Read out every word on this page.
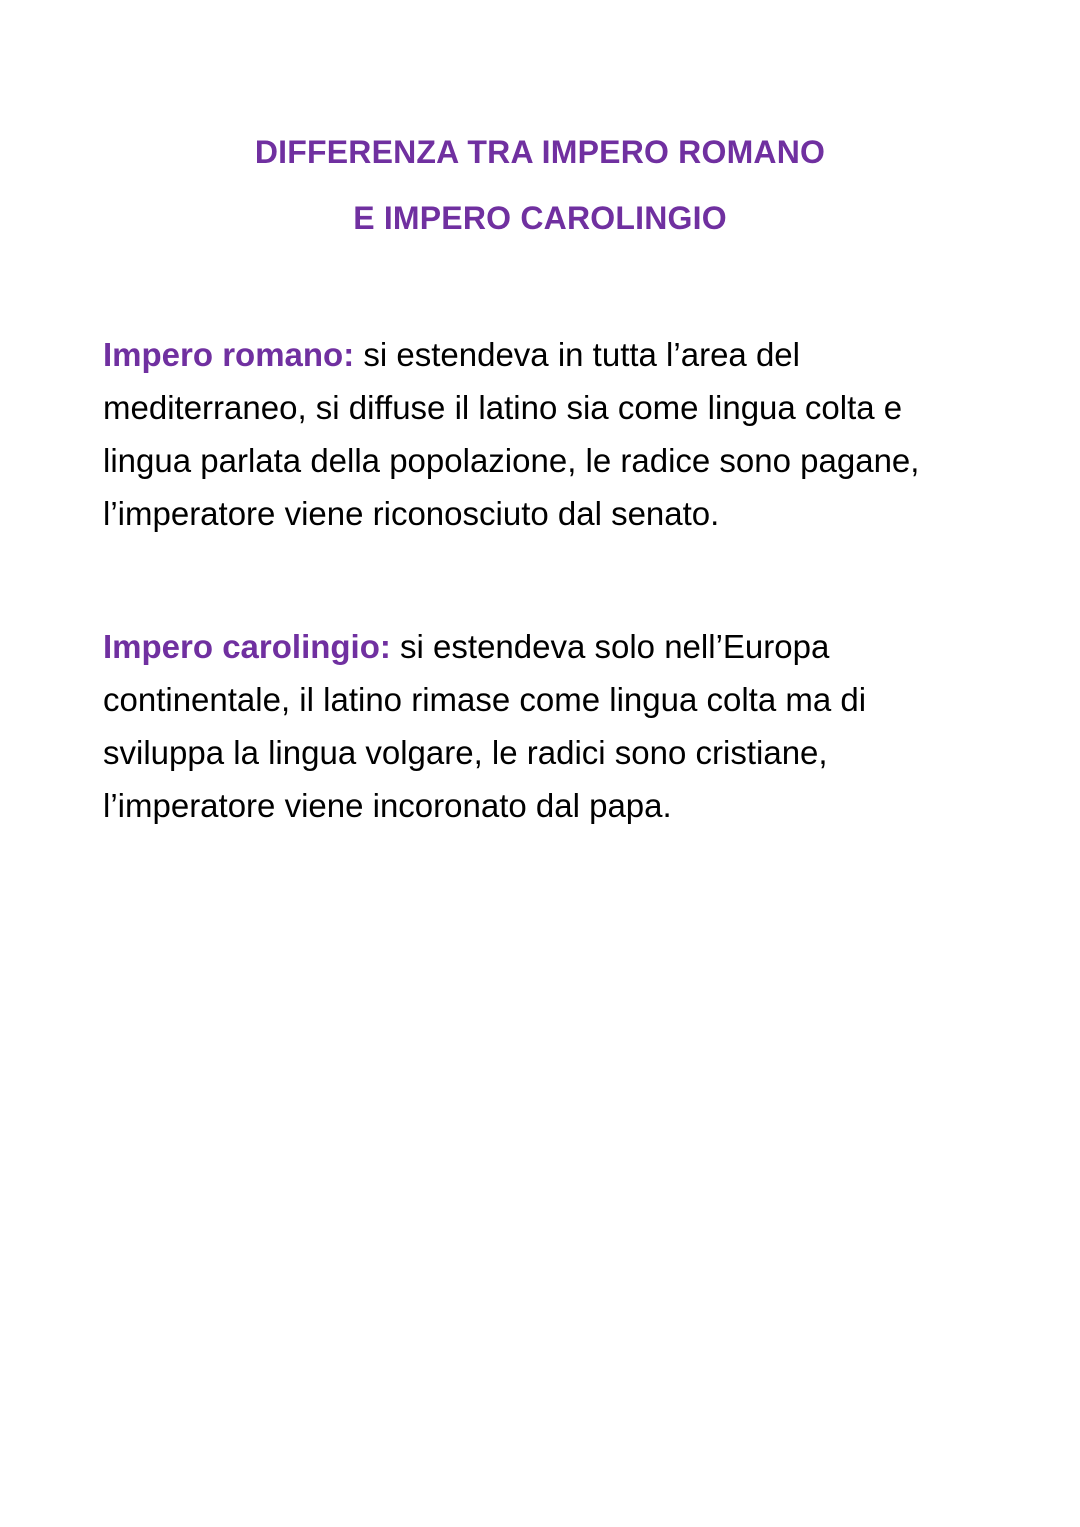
DIFFERENZA TRA IMPERO ROMANO
E IMPERO CAROLINGIO

Impero romano: si estendeva in tutta l’area del mediterraneo, si diffuse il latino sia come lingua colta e lingua parlata della popolazione, le radice sono pagane, l’imperatore viene riconosciuto dal senato.

Impero carolingio: si estendeva solo nell’Europa continentale, il latino rimase come lingua colta ma di sviluppa la lingua volgare, le radici sono cristiane, l’imperatore viene incoronato dal papa.
